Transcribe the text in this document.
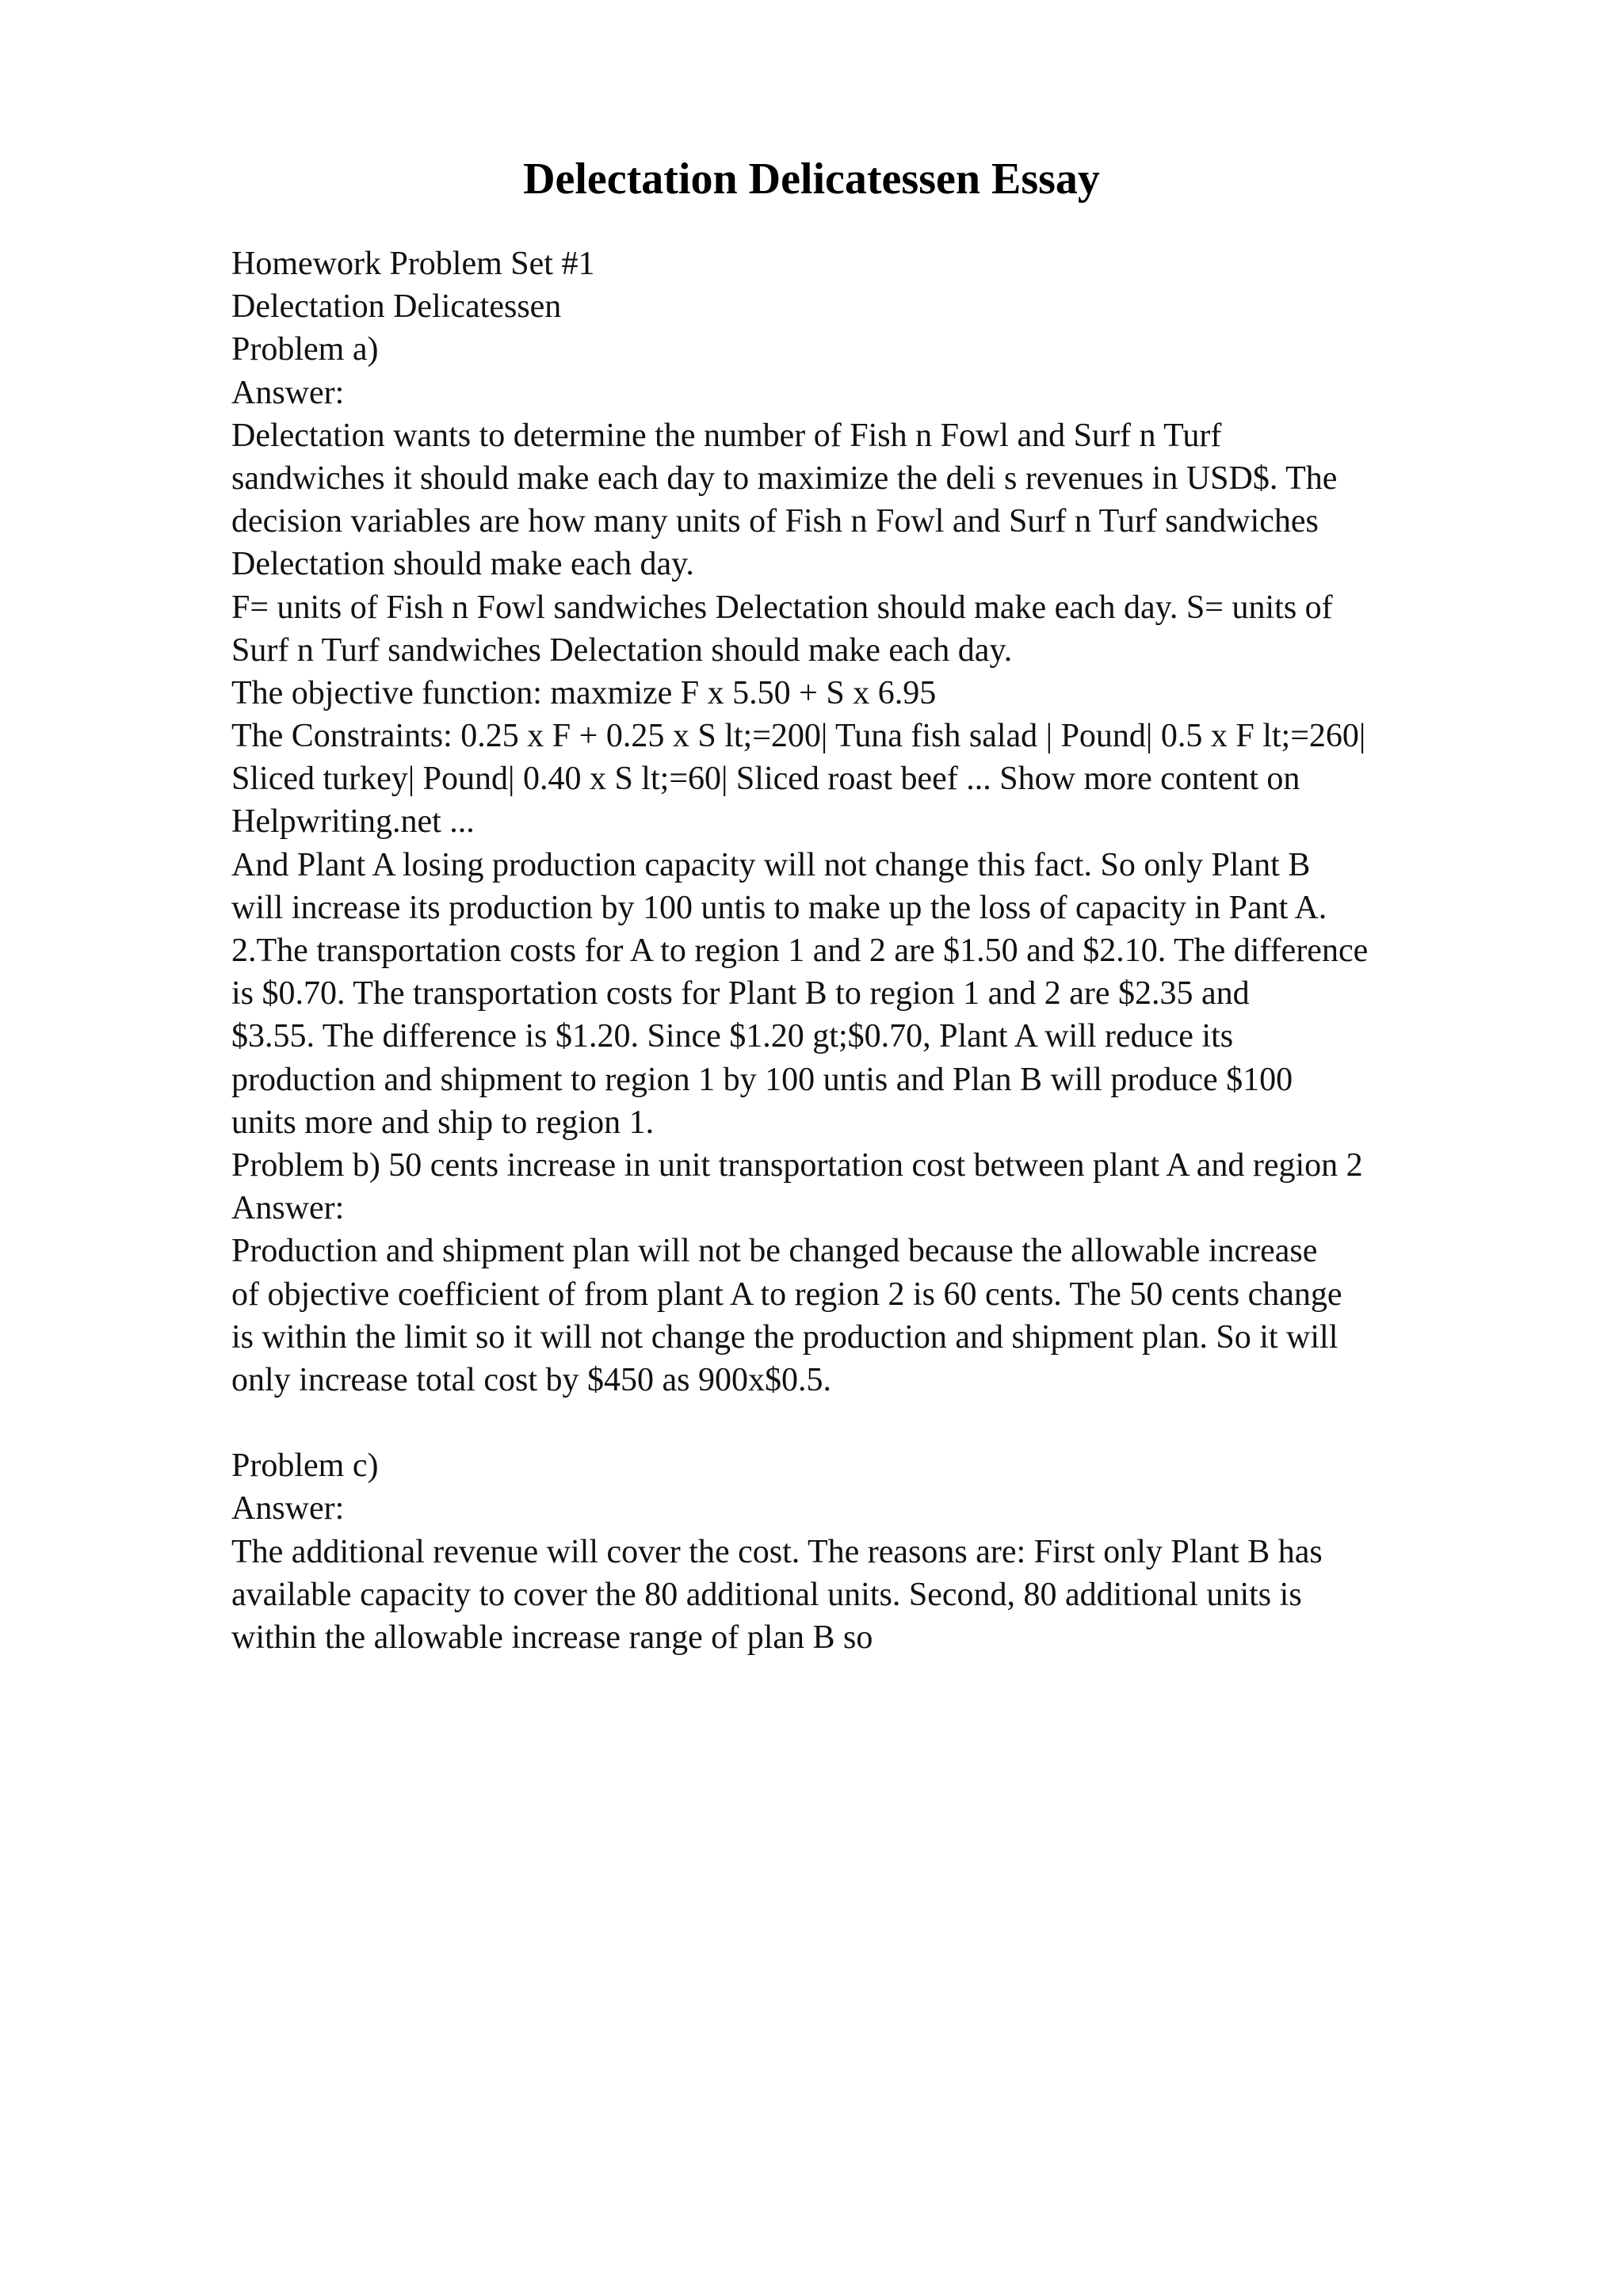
Delectation Delicatessen Essay
Homework Problem Set #1
Delectation Delicatessen
Problem a)
Answer:
Delectation wants to determine the number of Fish n Fowl and Surf n Turf
sandwiches it should make each day to maximize the deli s revenues in USD$. The
decision variables are how many units of Fish n Fowl and Surf n Turf sandwiches
Delectation should make each day.
F= units of Fish n Fowl sandwiches Delectation should make each day. S= units of
Surf n Turf sandwiches Delectation should make each day.
The objective function: maxmize F x 5.50 + S x 6.95
The Constraints: 0.25 x F + 0.25 x S lt;=200| Tuna fish salad | Pound| 0.5 x F lt;=260|
Sliced turkey| Pound| 0.40 x S lt;=60| Sliced roast beef ... Show more content on
Helpwriting.net ...
And Plant A losing production capacity will not change this fact. So only Plant B
will increase its production by 100 untis to make up the loss of capacity in Pant A.
2.The transportation costs for A to region 1 and 2 are $1.50 and $2.10. The difference
is $0.70. The transportation costs for Plant B to region 1 and 2 are $2.35 and
$3.55. The difference is $1.20. Since $1.20 gt;$0.70, Plant A will reduce its
production and shipment to region 1 by 100 untis and Plan B will produce $100
units more and ship to region 1.
Problem b) 50 cents increase in unit transportation cost between plant A and region 2
Answer:
Production and shipment plan will not be changed because the allowable increase
of objective coefficient of from plant A to region 2 is 60 cents. The 50 cents change
is within the limit so it will not change the production and shipment plan. So it will
only increase total cost by $450 as 900x$0.5.
Problem c)
Answer:
The additional revenue will cover the cost. The reasons are: First only Plant B has
available capacity to cover the 80 additional units. Second, 80 additional units is
within the allowable increase range of plan B so
